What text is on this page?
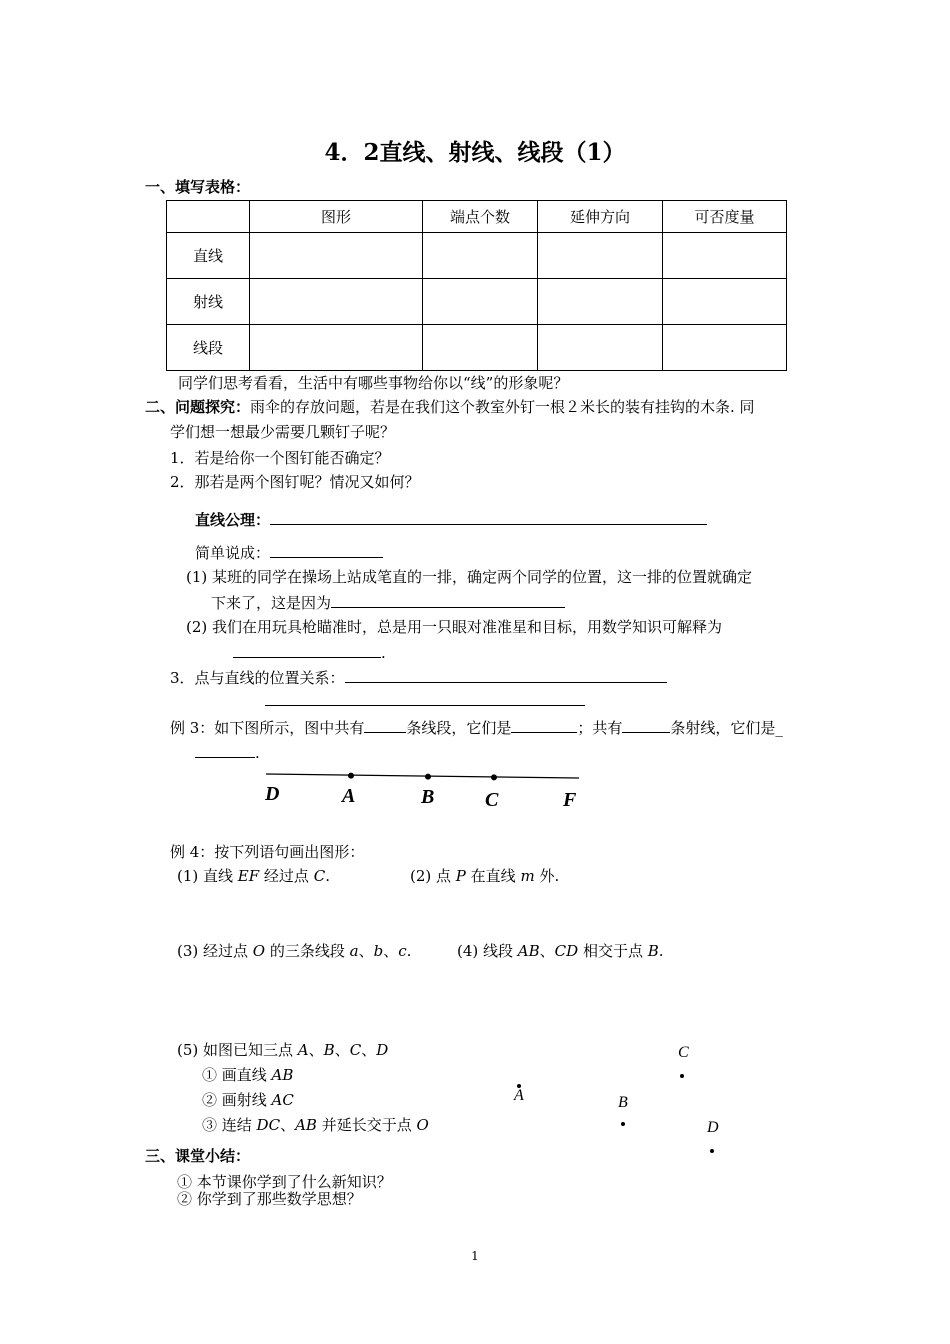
4．2直线、射线、线段（1）
一、填写表格：
	图形	端点个数	延伸方向	可否度量
直线				
射线				
线段				
同学们思考看看，生活中有哪些事物给你以“线”的形象呢？
二、问题探究：雨伞的存放问题，若是在我们这个教室外钉一根２米长的装有挂钩的木条. 同
学们想一想最少需要几颗钉子呢？
1．若是给你一个图钉能否确定？
2．那若是两个图钉呢？情况又如何？
直线公理：
简单说成：
(1) 某班的同学在操场上站成笔直的一排，确定两个同学的位置，这一排的位置就确定
下来了，这是因为
(2) 我们在用玩具枪瞄准时，总是用一只眼对准准星和目标，用数学知识可解释为
.
3．点与直线的位置关系：
例 3：如下图所示，图中共有	条线段，它们是	；共有	条射线，它们是_
.
D	A	B	C	F
例 4：按下列语句画出图形：
(1) 直线 EF 经过点 C.	(2) 点 P 在直线 m 外.
(3) 经过点 O 的三条线段 a、b、c.	(4) 线段 AB、CD 相交于点 B.
(5) 如图已知三点 A、B、C、D
① 画直线 AB
② 画射线 AC
③ 连结 DC、AB 并延长交于点 O
C
A	B
D
三、课堂小结：
① 本节课你学到了什么新知识？
② 你学到了那些数学思想？
1
